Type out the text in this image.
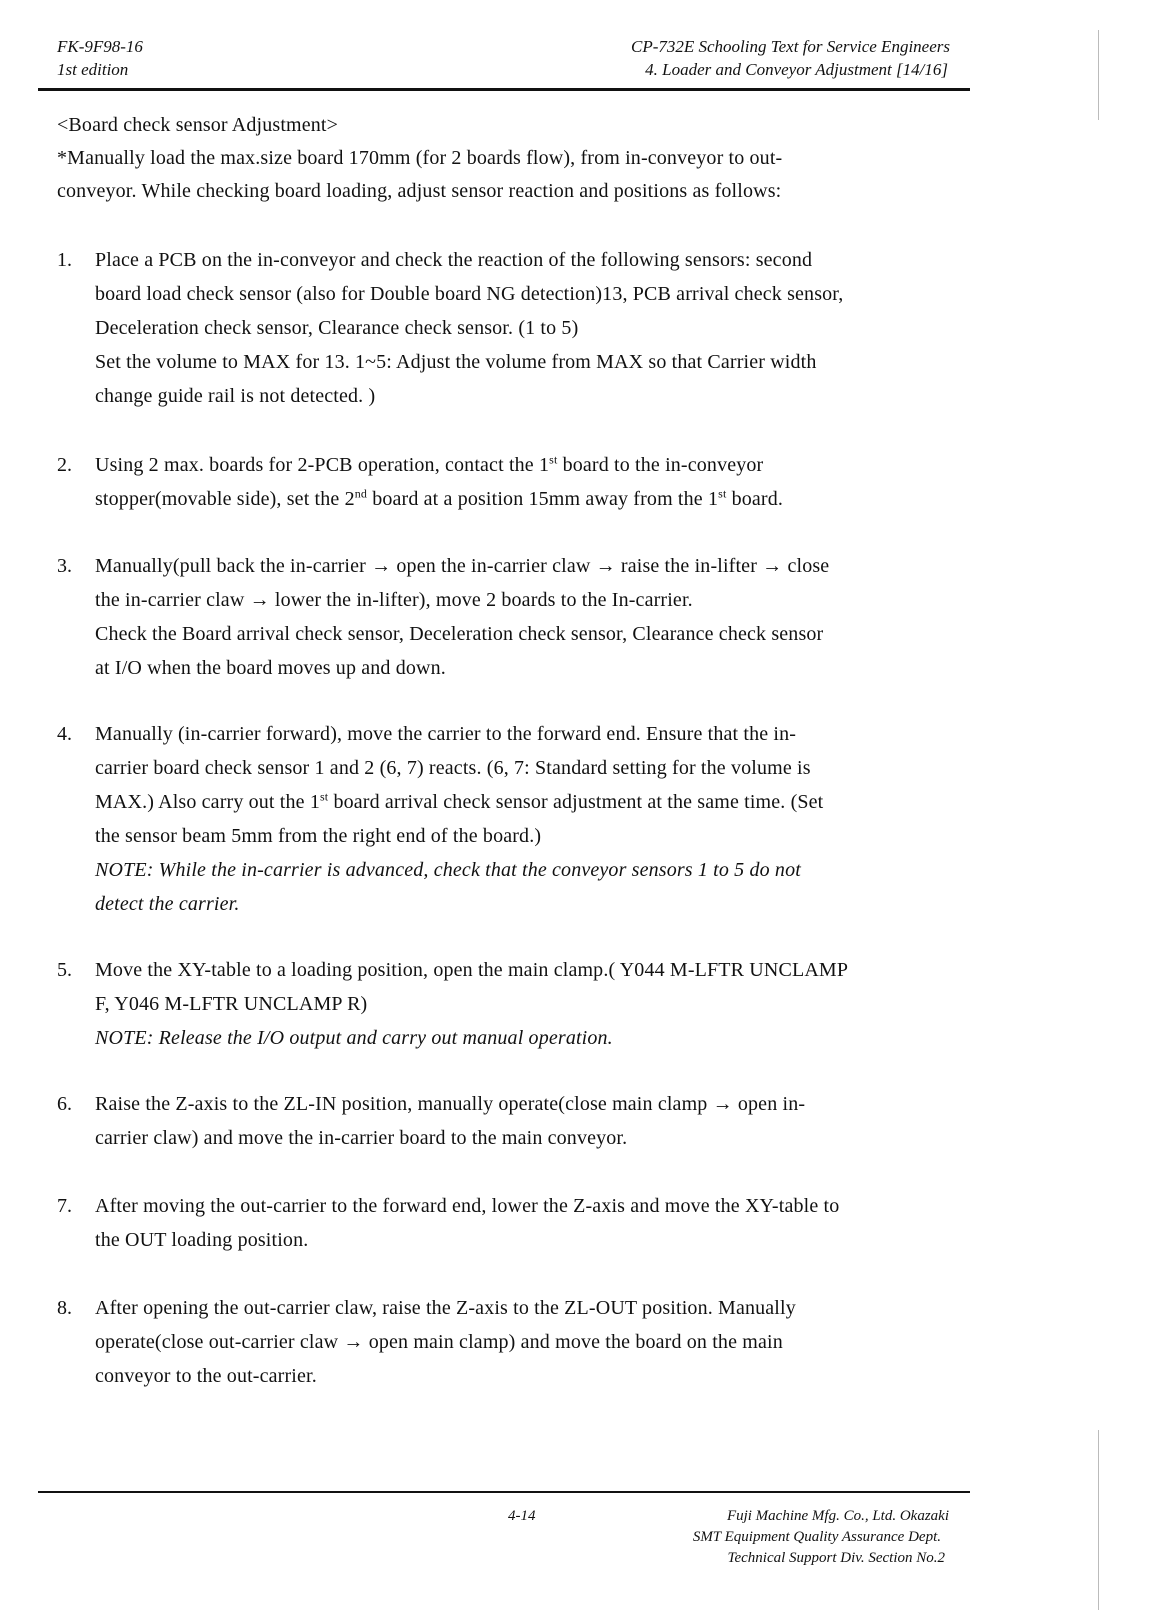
FK-9F98-16
1st edition
CP-732E Schooling Text for Service Engineers
4. Loader and Conveyor Adjustment [14/16]
<Board check sensor Adjustment>
*Manually load the max.size board 170mm (for 2 boards flow), from in-conveyor to out-
conveyor. While checking board loading, adjust sensor reaction and positions as follows:
1. Place a PCB on the in-conveyor and check the reaction of the following sensors: second
board load check sensor (also for Double board NG detection)13, PCB arrival check sensor,
Deceleration check sensor, Clearance check sensor. (1 to 5)
Set the volume to MAX for 13. 1~5: Adjust the volume from MAX so that Carrier width
change guide rail is not detected. )
2. Using 2 max. boards for 2-PCB operation, contact the 1st board to the in-conveyor
stopper(movable side), set the 2nd board at a position 15mm away from the 1st board.
3. Manually(pull back the in-carrier → open the in-carrier claw → raise the in-lifter → close
the in-carrier claw → lower the in-lifter), move 2 boards to the In-carrier.
Check the Board arrival check sensor, Deceleration check sensor, Clearance check sensor
at I/O when the board moves up and down.
4. Manually (in-carrier forward), move the carrier to the forward end. Ensure that the in-
carrier board check sensor 1 and 2 (6, 7) reacts. (6, 7: Standard setting for the volume is
MAX.) Also carry out the 1st board arrival check sensor adjustment at the same time. (Set
the sensor beam 5mm from the right end of the board.)
NOTE: While the in-carrier is advanced, check that the conveyor sensors 1 to 5 do not
detect the carrier.
5. Move the XY-table to a loading position, open the main clamp.( Y044 M-LFTR UNCLAMP
F, Y046 M-LFTR UNCLAMP R)
NOTE: Release the I/O output and carry out manual operation.
6. Raise the Z-axis to the ZL-IN position, manually operate(close main clamp → open in-
carrier claw) and move the in-carrier board to the main conveyor.
7. After moving the out-carrier to the forward end, lower the Z-axis and move the XY-table to
the OUT loading position.
8. After opening the out-carrier claw, raise the Z-axis to the ZL-OUT position. Manually
operate(close out-carrier claw → open main clamp) and move the board on the main
conveyor to the out-carrier.
4-14	Fuji Machine Mfg. Co., Ltd. Okazaki
SMT Equipment Quality Assurance Dept.
Technical Support Div. Section No.2
